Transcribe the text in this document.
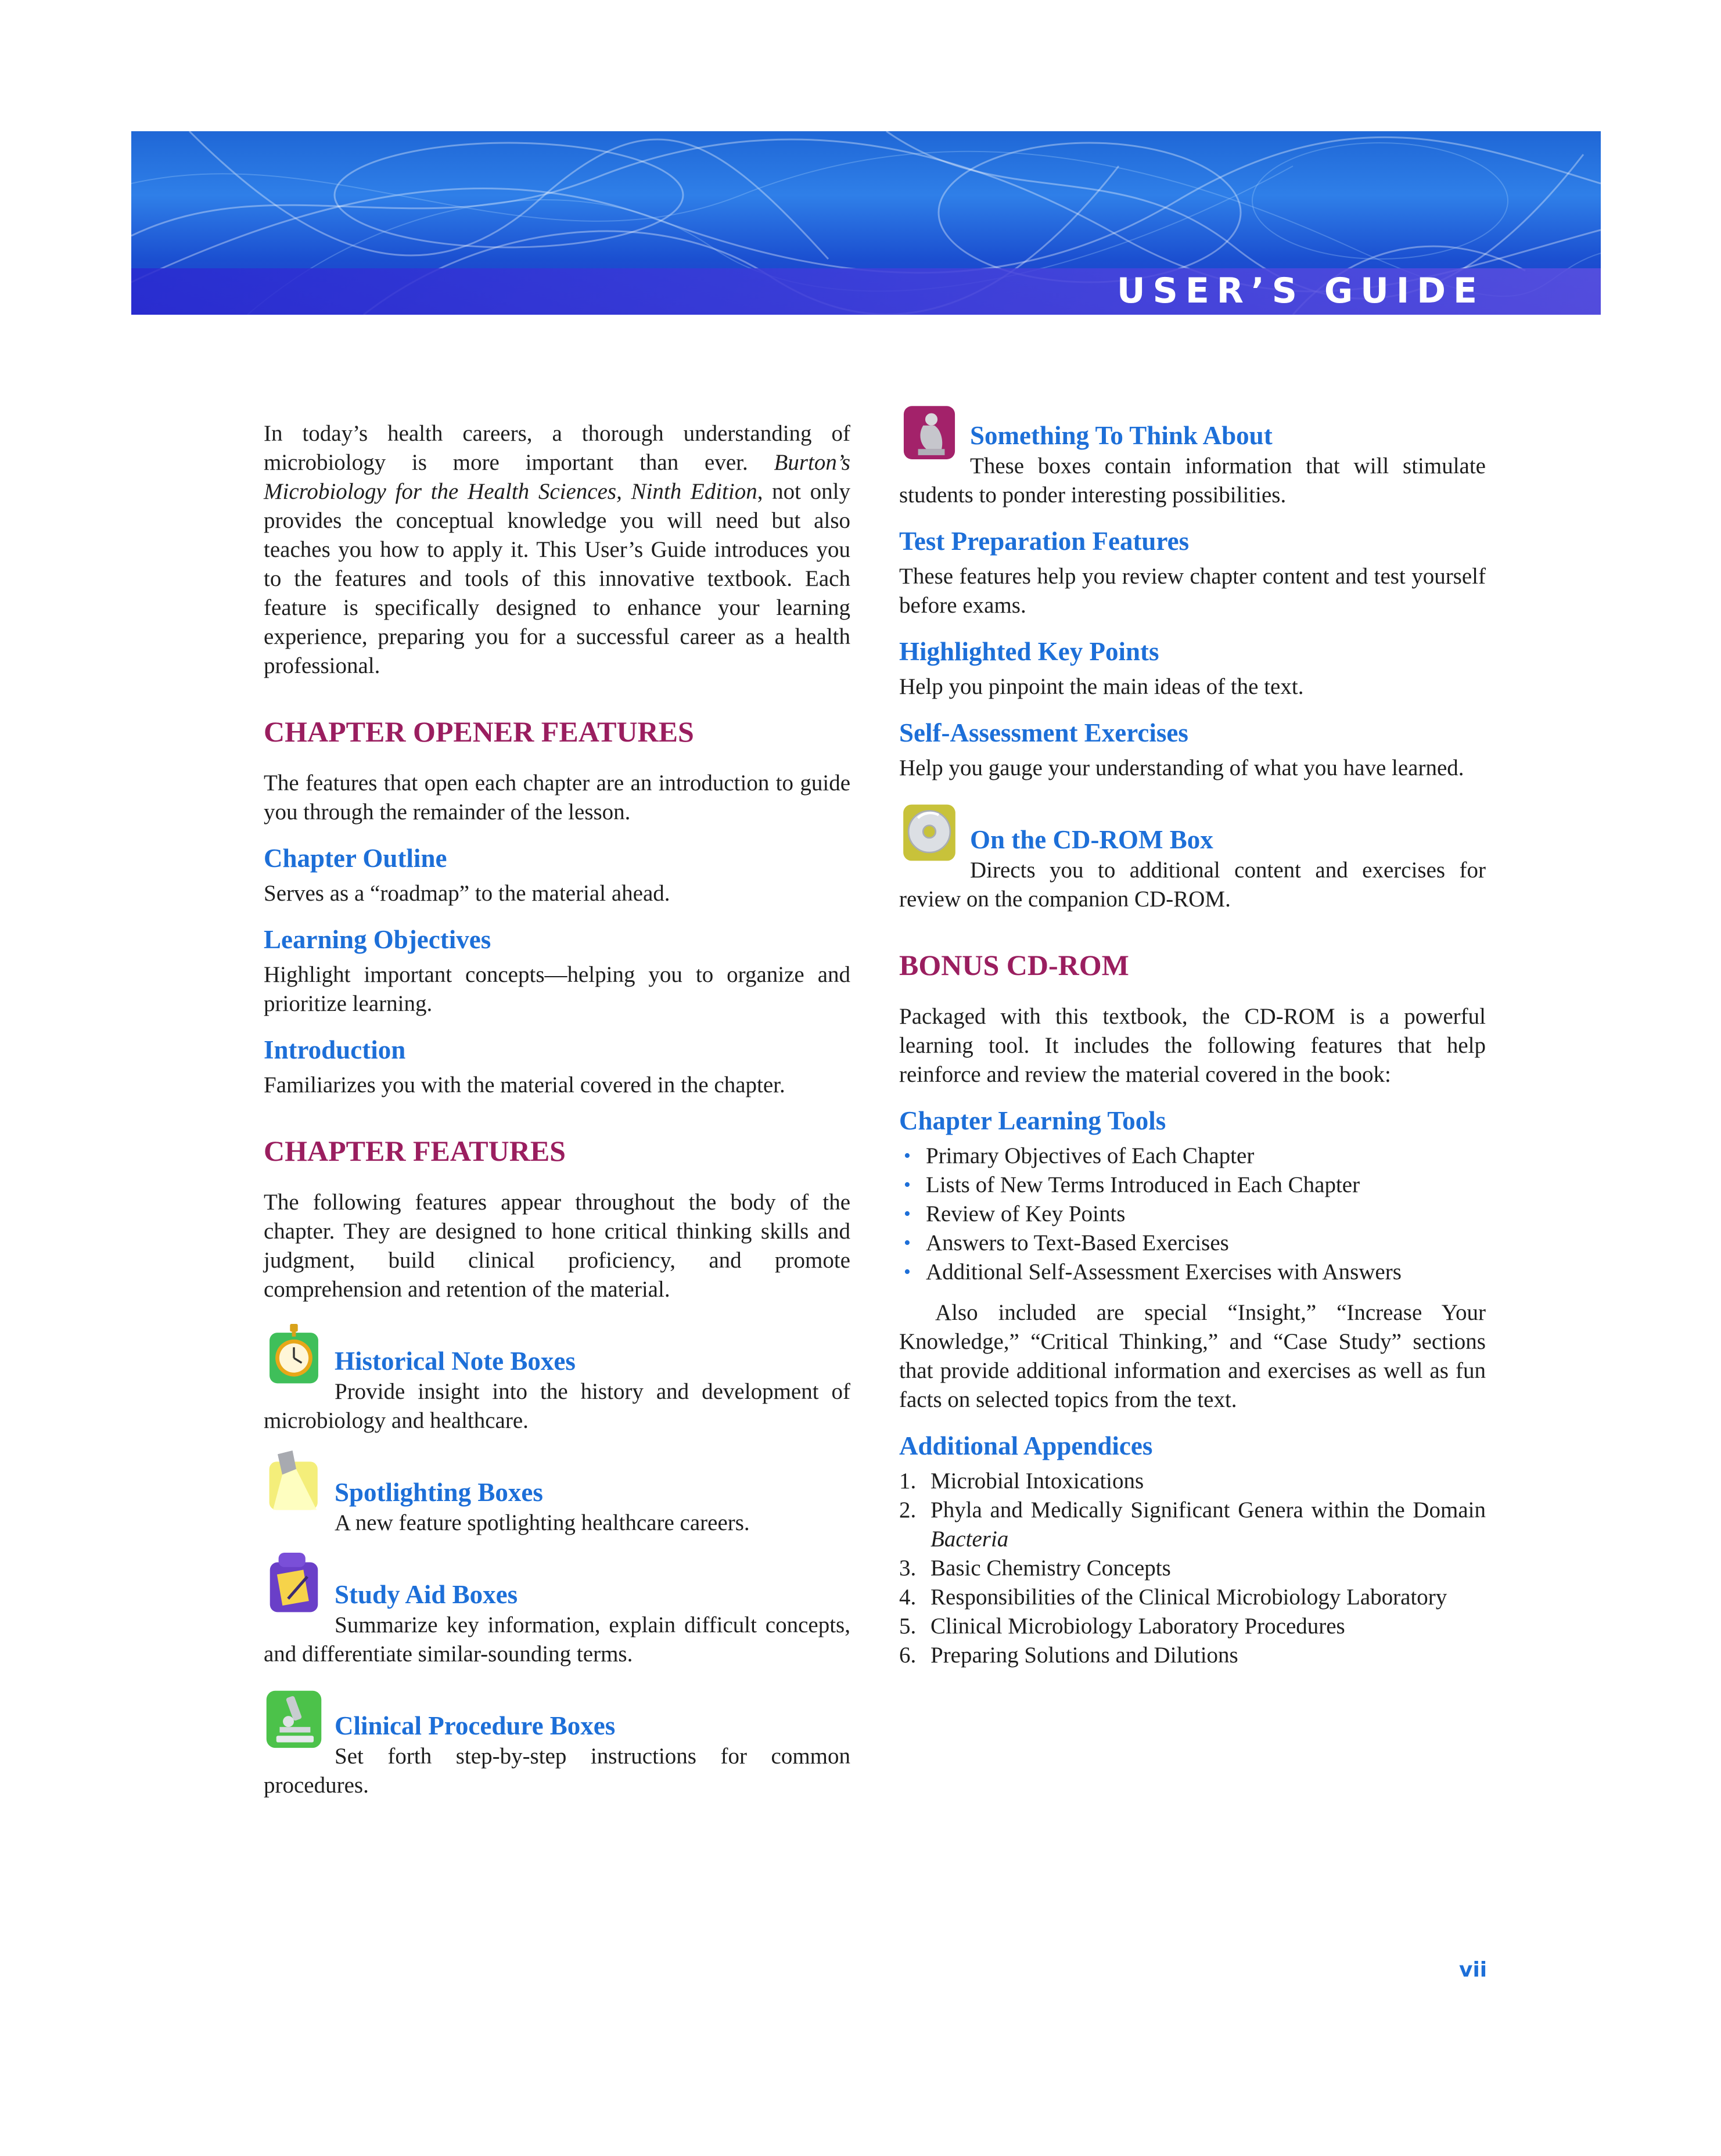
USER’S GUIDE

In today’s health careers, a thorough understanding of microbiology is more important than ever. Burton’s Microbiology for the Health Sciences, Ninth Edition, not only provides the conceptual knowledge you will need but also teaches you how to apply it. This User’s Guide introduces you to the features and tools of this innovative textbook. Each feature is specifically designed to enhance your learning experience, preparing you for a successful career as a health professional.

CHAPTER OPENER FEATURES

The features that open each chapter are an introduction to guide you through the remainder of the lesson.

Chapter Outline

Serves as a “roadmap” to the material ahead.

Learning Objectives

Highlight important concepts—helping you to organize and prioritize learning.

Introduction

Familiarizes you with the material covered in the chapter.

CHAPTER FEATURES

The following features appear throughout the body of the chapter. They are designed to hone critical thinking skills and judgment, build clinical proficiency, and promote comprehension and retention of the material.

Historical Note Boxes

Provide insight into the history and development of microbiology and healthcare.

Spotlighting Boxes

A new feature spotlighting healthcare careers.

Study Aid Boxes

Summarize key information, explain difficult concepts, and differentiate similar-sounding terms.

Clinical Procedure Boxes

Set forth step-by-step instructions for common procedures.

Something To Think About

These boxes contain information that will stimulate students to ponder interesting possibilities.

Test Preparation Features

These features help you review chapter content and test yourself before exams.

Highlighted Key Points

Help you pinpoint the main ideas of the text.

Self-Assessment Exercises

Help you gauge your understanding of what you have learned.

On the CD-ROM Box

Directs you to additional content and exercises for review on the companion CD-ROM.

BONUS CD-ROM

Packaged with this textbook, the CD-ROM is a powerful learning tool. It includes the following features that help reinforce and review the material covered in the book:

Chapter Learning Tools
• Primary Objectives of Each Chapter
• Lists of New Terms Introduced in Each Chapter
• Review of Key Points
• Answers to Text-Based Exercises
• Additional Self-Assessment Exercises with Answers

Also included are special “Insight,” “Increase Your Knowledge,” “Critical Thinking,” and “Case Study” sections that provide additional information and exercises as well as fun facts on selected topics from the text.

Additional Appendices
1. Microbial Intoxications
2. Phyla and Medically Significant Genera within the Domain Bacteria
3. Basic Chemistry Concepts
4. Responsibilities of the Clinical Microbiology Laboratory
5. Clinical Microbiology Laboratory Procedures
6. Preparing Solutions and Dilutions
vii
